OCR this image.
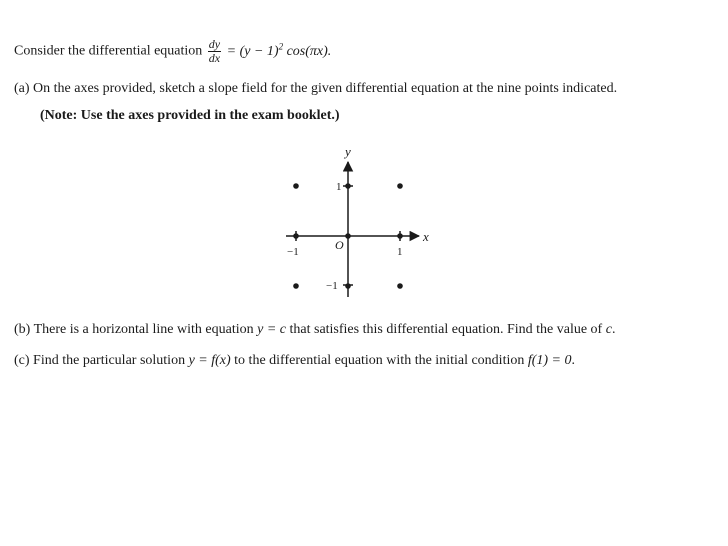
Consider the differential equation $\frac{dy}{dx} = (y - 1)^2$ cos(πx).
(a) On the axes provided, sketch a slope field for the given differential equation at the nine points indicated.
(Note: Use the axes provided in the exam booklet.)
x
y
−1	1
1
−1
O
(b) There is a horizontal line with equation y = c that satisfies this differential equation. Find the value of c.
(c) Find the particular solution y = f(x) to the differential equation with the initial condition f(1) = 0.
